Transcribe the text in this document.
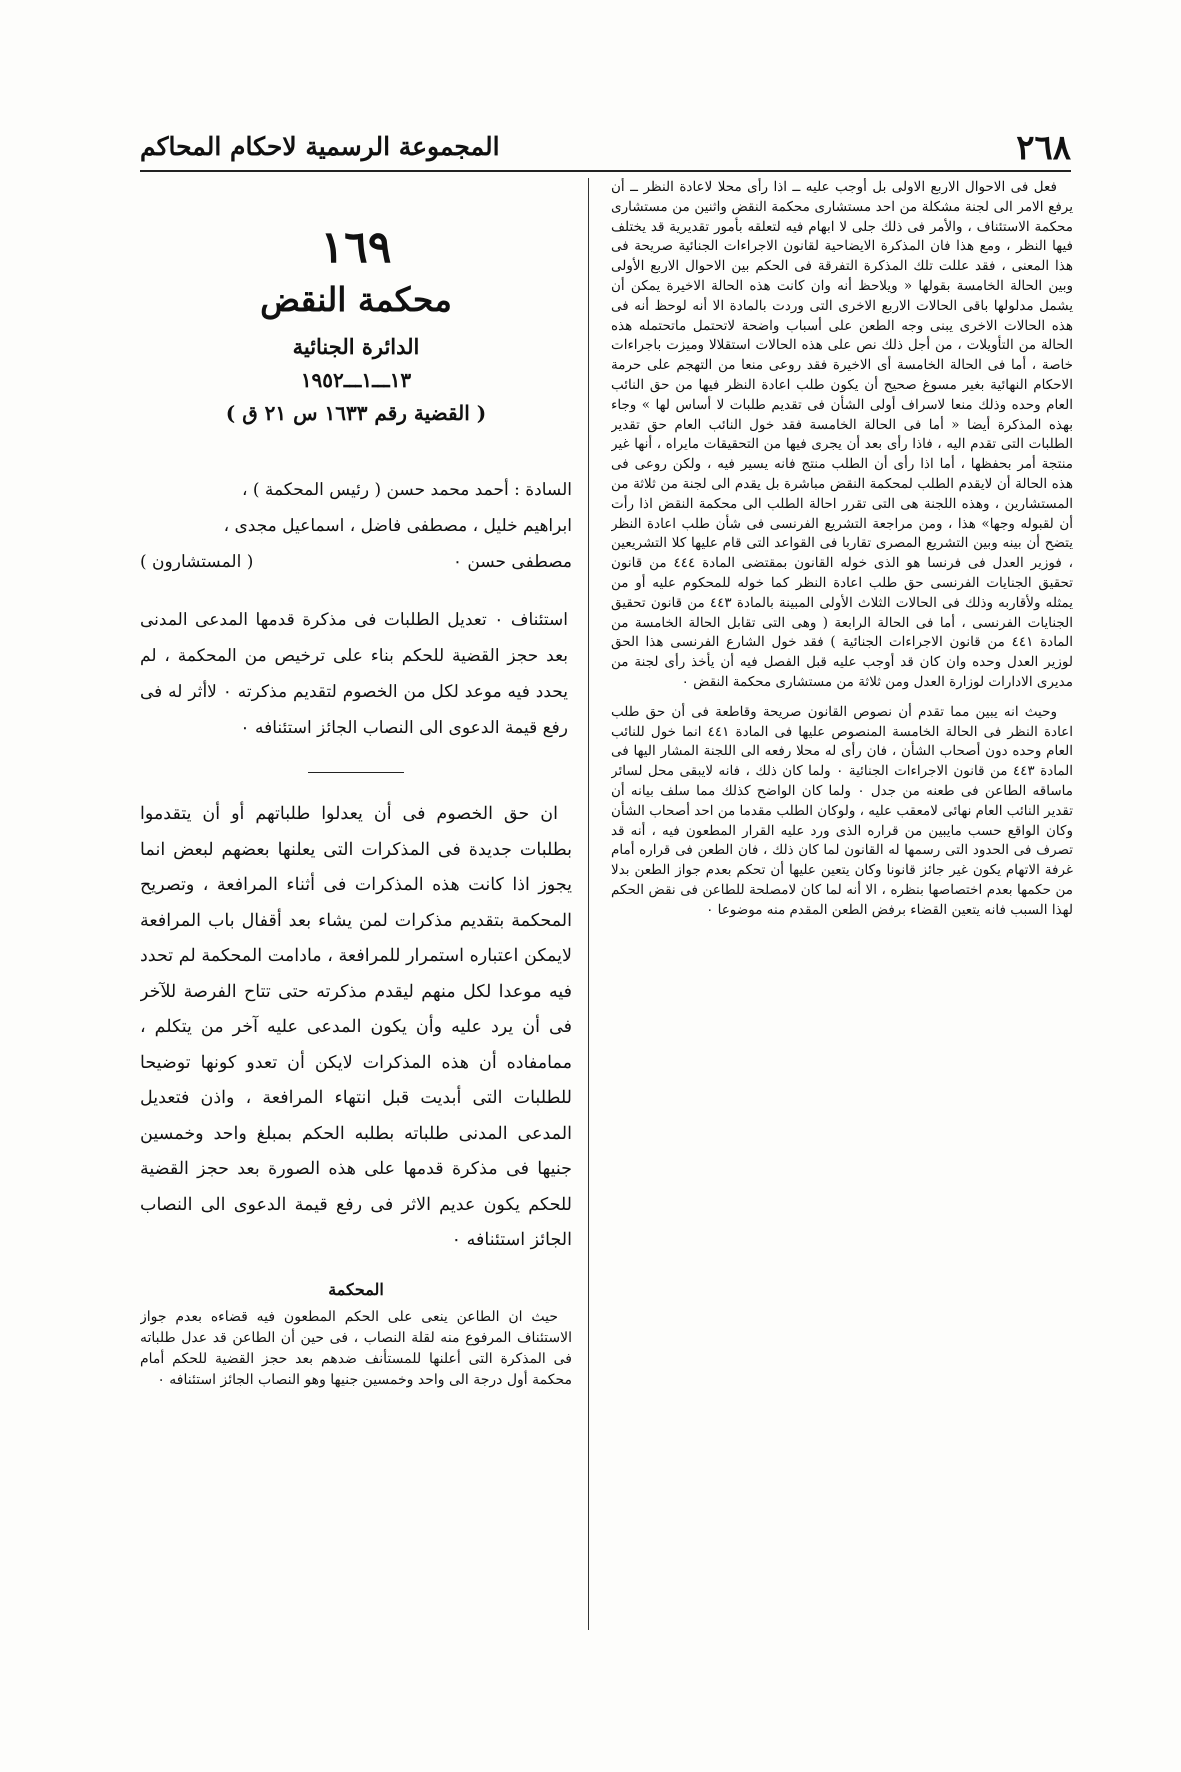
٢٦٨
المجموعة الرسمية لاحكام المحاكم

فعل فى الاحوال الاربع الاولى بل أوجب عليه ــ اذا رأى محلا لاعادة النظر ــ أن يرفع الامر الى لجنة مشكلة من احد مستشارى محكمة النقض واثنين من مستشارى محكمة الاستئناف ، والأمر فى ذلك جلى لا ابهام فيه لتعلقه بأمور تقديرية قد يختلف فيها النظر ، ومع هذا فان المذكرة الايضاحية لقانون الاجراءات الجنائية صريحة فى هذا المعنى ، فقد عللت تلك المذكرة التفرقة فى الحكم بين الاحوال الاربع الأولى وبين الحالة الخامسة بقولها « ويلاحظ أنه وان كانت هذه الحالة الاخيرة يمكن أن يشمل مدلولها باقى الحالات الاربع الاخرى التى وردت بالمادة الا أنه لوحظ أنه فى هذه الحالات الاخرى يبنى وجه الطعن على أسباب واضحة لاتحتمل ماتحتمله هذه الحالة من التأويلات ، من أجل ذلك نص على هذه الحالات استقلالا وميزت باجراءات خاصة ، أما فى الحالة الخامسة أى الاخيرة فقد روعى منعا من التهجم على حرمة الاحكام النهائية بغير مسوغ صحيح أن يكون طلب اعادة النظر فيها من حق النائب العام وحده وذلك منعا لاسراف أولى الشأن فى تقديم طلبات لا أساس لها » وجاء بهذه المذكرة أيضا « أما فى الحالة الخامسة فقد خول النائب العام حق تقدير الطلبات التى تقدم اليه ، فاذا رأى بعد أن يجرى فيها من التحقيقات مايراه ، أنها غير منتجة أمر بحفظها ، أما اذا رأى أن الطلب منتج فانه يسير فيه ، ولكن روعى فى هذه الحالة أن لايقدم الطلب لمحكمة النقض مباشرة بل يقدم الى لجنة من ثلاثة من المستشارين ، وهذه اللجنة هى التى تقرر احالة الطلب الى محكمة النقض اذا رأت أن لقبوله وجها» هذا ، ومن مراجعة التشريع الفرنسى فى شأن طلب اعادة النظر يتضح أن بينه وبين التشريع المصرى تقاربا فى القواعد التى قام عليها كلا التشريعين ، فوزير العدل فى فرنسا هو الذى خوله القانون بمقتضى المادة ٤٤٤ من قانون تحقيق الجنايات الفرنسى حق طلب اعادة النظر كما خوله للمحكوم عليه أو من يمثله ولأقاربه وذلك فى الحالات الثلاث الأولى المبينة بالمادة ٤٤٣ من قانون تحقيق الجنايات الفرنسى ، أما فى الحالة الرابعة ( وهى التى تقابل الحالة الخامسة من المادة ٤٤١ من قانون الاجراءات الجنائية ) فقد خول الشارع الفرنسى هذا الحق لوزير العدل وحده وان كان قد أوجب عليه قبل الفصل فيه أن يأخذ رأى لجنة من مديرى الادارات لوزارة العدل ومن ثلاثة من مستشارى محكمة النقض ٠

وحيث انه يبين مما تقدم أن نصوص القانون صريحة وقاطعة فى أن حق طلب اعادة النظر فى الحالة الخامسة المنصوص عليها فى المادة ٤٤١ انما خول للنائب العام وحده دون أصحاب الشأن ، فان رأى له محلا رفعه الى اللجنة المشار اليها فى المادة ٤٤٣ من قانون الاجراءات الجنائية ٠ ولما كان ذلك ، فانه لايبقى محل لسائر ماساقه الطاعن فى طعنه من جدل ٠ ولما كان الواضح كذلك مما سلف بيانه أن تقدير النائب العام نهائى لامعقب عليه ، ولوكان الطلب مقدما من احد أصحاب الشأن وكان الواقع حسب مايبين من قراره الذى ورد عليه القرار المطعون فيه ، أنه قد تصرف فى الحدود التى رسمها له القانون لما كان ذلك ، فان الطعن فى قراره أمام غرفة الاتهام يكون غير جائز قانونا وكان يتعين عليها أن تحكم بعدم جواز الطعن بدلا من حكمها بعدم اختصاصها بنظره ، الا أنه لما كان لامصلحة للطاعن فى نقض الحكم لهذا السبب فانه يتعين القضاء برفض الطعن المقدم منه موضوعا ٠

١٦٩
محكمة النقض
الدائرة الجنائية
١٣ـــ١ـــ١٩٥٢
( القضية رقم ١٦٣٣ س ٢١ ق )
السادة : أحمد محمد حسن ( رئيس المحكمة ) ،
ابراهيم خليل ، مصطفى فاضل ، اسماعيل مجدى ،
مصطفى حسن ٠
( المستشارون )
استئناف ٠ تعديل الطلبات فى مذكرة قدمها المدعى المدنى بعد حجز القضية للحكم بناء على ترخيص من المحكمة ، لم يحدد فيه موعد لكل من الخصوم لتقديم مذكرته ٠ لاأثر له فى رفع قيمة الدعوى الى النصاب الجائز استئنافه ٠

ان حق الخصوم فى أن يعدلوا طلباتهم أو أن يتقدموا بطلبات جديدة فى المذكرات التى يعلنها بعضهم لبعض انما يجوز اذا كانت هذه المذكرات فى أثناء المرافعة ، وتصريح المحكمة بتقديم مذكرات لمن يشاء بعد أقفال باب المرافعة لايمكن اعتباره استمرار للمرافعة ، مادامت المحكمة لم تحدد فيه موعدا لكل منهم ليقدم مذكرته حتى تتاح الفرصة للآخر فى أن يرد عليه وأن يكون المدعى عليه آخر من يتكلم ، ممامفاده أن هذه المذكرات لايكن أن تعدو كونها توضيحا للطلبات التى أبديت قبل انتهاء المرافعة ، واذن فتعديل المدعى المدنى طلباته بطلبه الحكم بمبلغ واحد وخمسين جنيها فى مذكرة قدمها على هذه الصورة بعد حجز القضية للحكم يكون عديم الاثر فى رفع قيمة الدعوى الى النصاب الجائز استئنافه ٠

المحكمة

حيث ان الطاعن ينعى على الحكم المطعون فيه قضاءه بعدم جواز الاستئناف المرفوع منه لقلة النصاب ، فى حين أن الطاعن قد عدل طلباته فى المذكرة التى أعلنها للمستأنف ضدهم بعد حجز القضية للحكم أمام محكمة أول درجة الى واحد وخمسين جنيها وهو النصاب الجائز استئنافه ٠
